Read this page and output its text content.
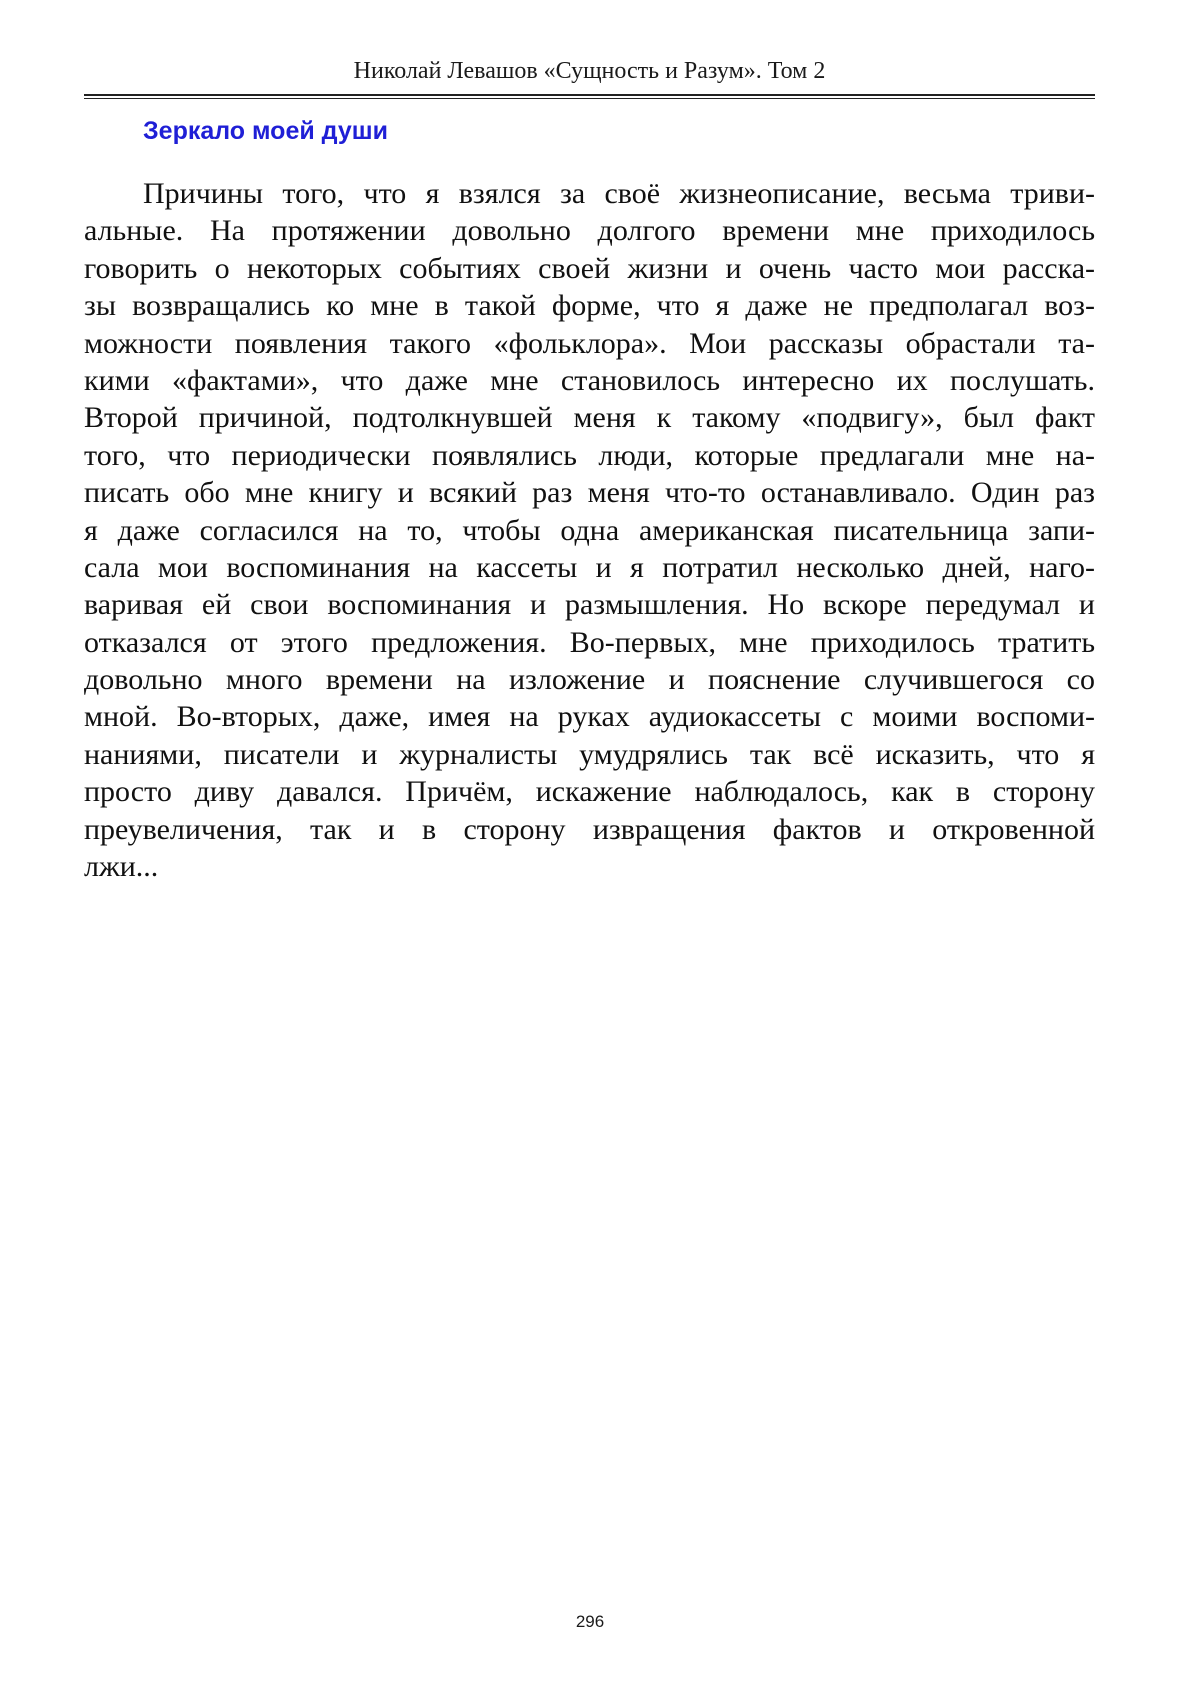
Николай Левашов «Сущность и Разум». Том 2
Зеркало моей души
Причины того, что я взялся за своё жизнеописание, весьма триви-
альные. На протяжении довольно долгого времени мне приходилось
говорить о некоторых событиях своей жизни и очень часто мои расска-
зы возвращались ко мне в такой форме, что я даже не предполагал воз-
можности появления такого «фольклора». Мои рассказы обрастали та-
кими «фактами», что даже мне становилось интересно их послушать.
Второй причиной, подтолкнувшей меня к такому «подвигу», был факт
того, что периодически появлялись люди, которые предлагали мне на-
писать обо мне книгу и всякий раз меня что-то останавливало. Один раз
я даже согласился на то, чтобы одна американская писательница запи-
сала мои воспоминания на кассеты и я потратил несколько дней, наго-
варивая ей свои воспоминания и размышления. Но вскоре передумал и
отказался от этого предложения. Во-первых, мне приходилось тратить
довольно много времени на изложение и пояснение случившегося со
мной. Во-вторых, даже, имея на руках аудиокассеты с моими воспоми-
наниями, писатели и журналисты умудрялись так всё исказить, что я
просто диву давался. Причём, искажение наблюдалось, как в сторону
преувеличения, так и в сторону извращения фактов и откровенной
лжи...
296
